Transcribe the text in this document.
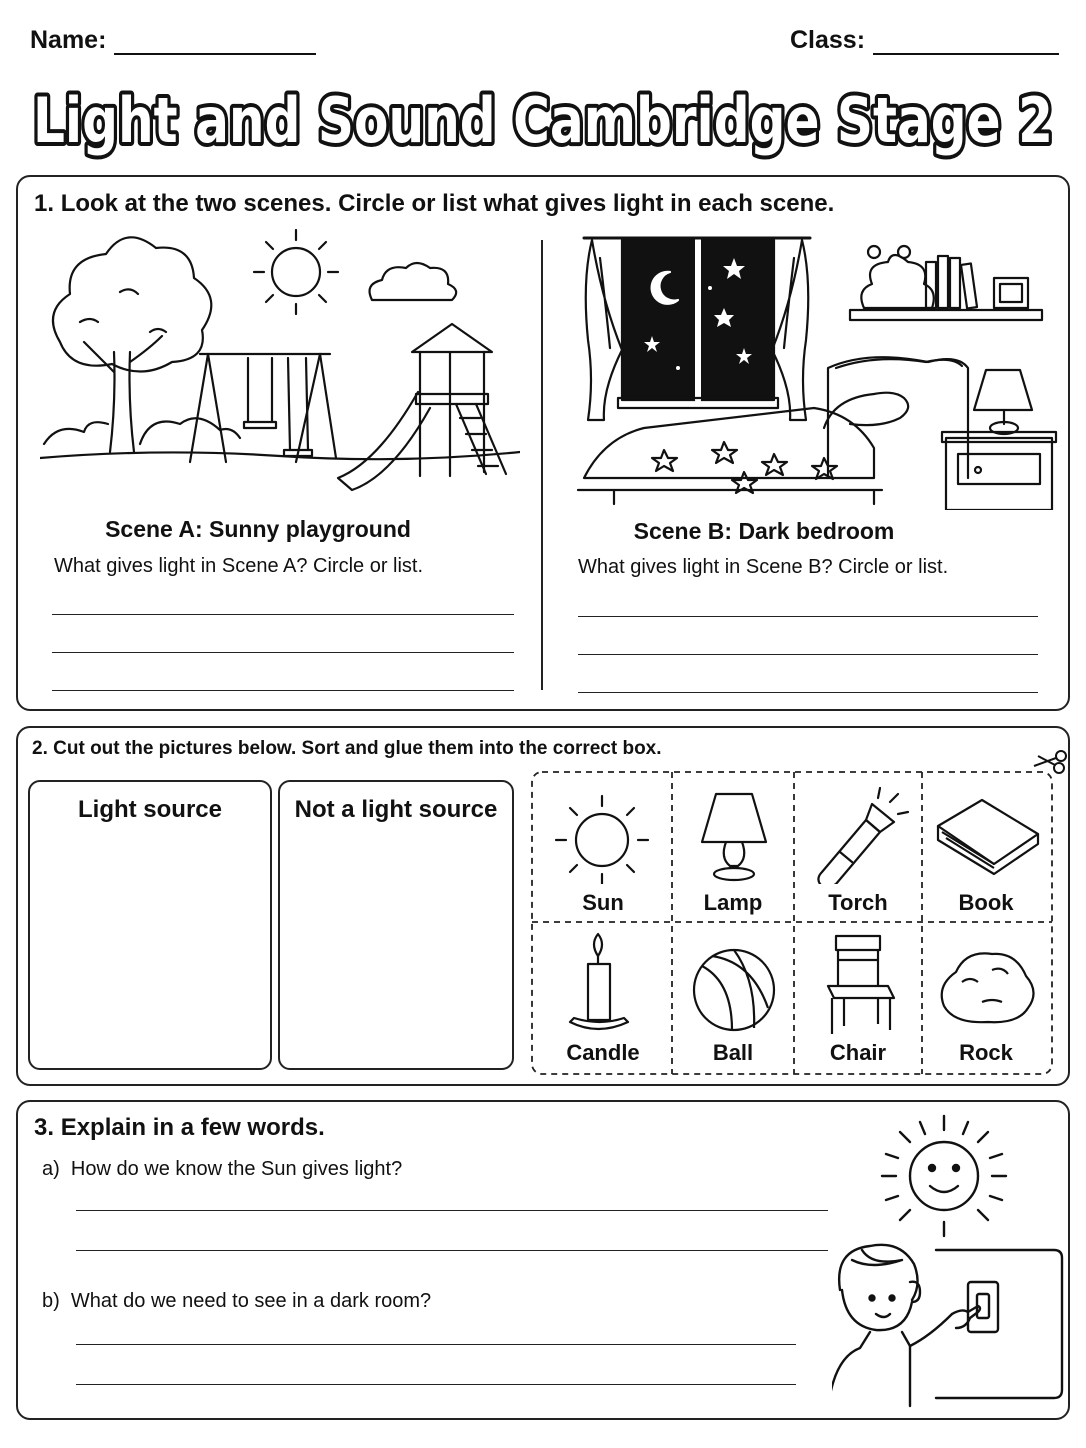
Name:	Class:
Light and Sound Cambridge Stage 2
1. Look at the two scenes. Circle or list what gives light in each scene.
Scene A: Sunny playground
What gives light in Scene A? Circle or list.
Scene B: Dark bedroom
What gives light in Scene B? Circle or list.
2. Cut out the pictures below. Sort and glue them into the correct box.
Light source	Not a light source
Sun	Lamp	Torch	Book
Candle	Ball	Chair	Rock
3. Explain in a few words.
a) How do we know the Sun gives light?
b) What do we need to see in a dark room?
